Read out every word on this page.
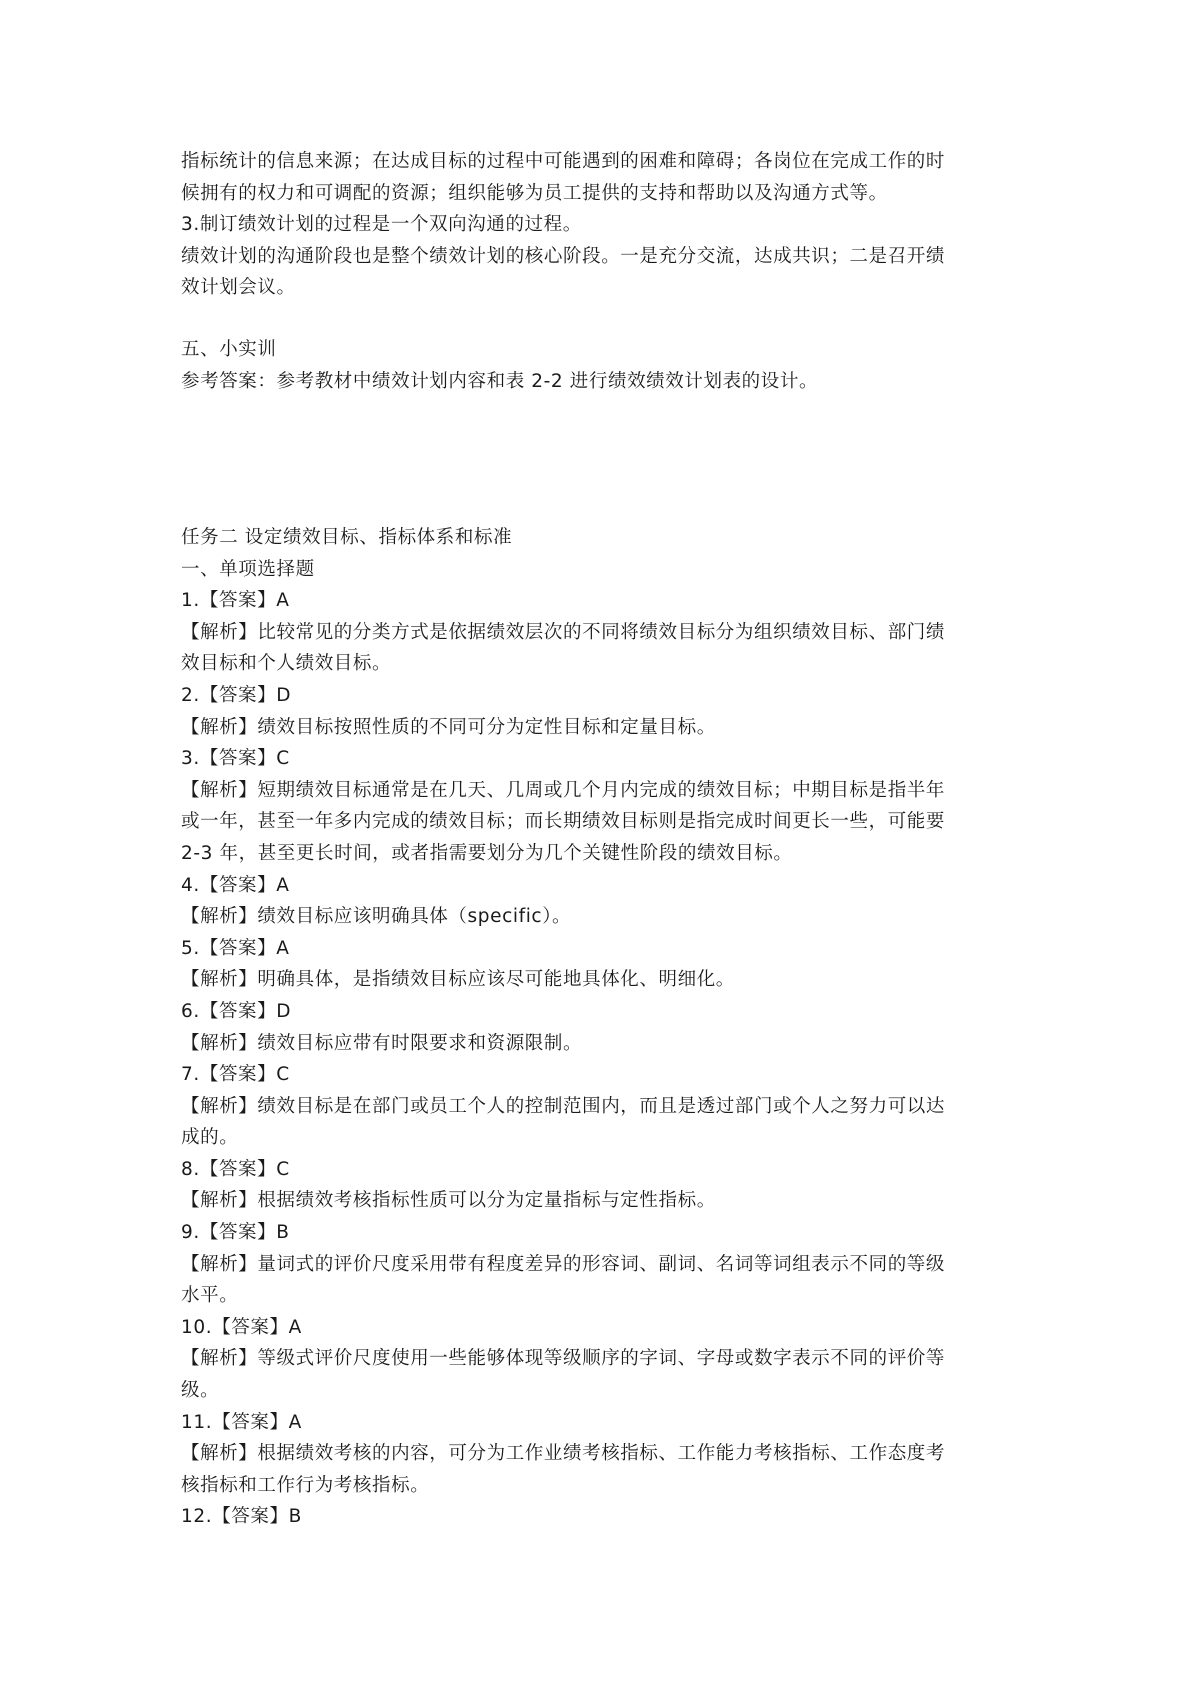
指标统计的信息来源；在达成目标的过程中可能遇到的困难和障碍；各岗位在完成工作的时
候拥有的权力和可调配的资源；组织能够为员工提供的支持和帮助以及沟通方式等。
3.制订绩效计划的过程是一个双向沟通的过程。
绩效计划的沟通阶段也是整个绩效计划的核心阶段。一是充分交流，达成共识；二是召开绩
效计划会议。
五、小实训
参考答案：参考教材中绩效计划内容和表 2-2 进行绩效绩效计划表的设计。
任务二 设定绩效目标、指标体系和标准
一、单项选择题
1.【答案】A
【解析】比较常见的分类方式是依据绩效层次的不同将绩效目标分为组织绩效目标、部门绩
效目标和个人绩效目标。
2.【答案】D
【解析】绩效目标按照性质的不同可分为定性目标和定量目标。
3.【答案】C
【解析】短期绩效目标通常是在几天、几周或几个月内完成的绩效目标；中期目标是指半年
或一年，甚至一年多内完成的绩效目标；而长期绩效目标则是指完成时间更长一些，可能要
2-3 年，甚至更长时间，或者指需要划分为几个关键性阶段的绩效目标。
4.【答案】A
【解析】绩效目标应该明确具体（specific）。
5.【答案】A
【解析】明确具体，是指绩效目标应该尽可能地具体化、明细化。
6.【答案】D
【解析】绩效目标应带有时限要求和资源限制。
7.【答案】C
【解析】绩效目标是在部门或员工个人的控制范围内，而且是透过部门或个人之努力可以达
成的。
8.【答案】C
【解析】根据绩效考核指标性质可以分为定量指标与定性指标。
9.【答案】B
【解析】量词式的评价尺度采用带有程度差异的形容词、副词、名词等词组表示不同的等级
水平。
10.【答案】A
【解析】等级式评价尺度使用一些能够体现等级顺序的字词、字母或数字表示不同的评价等
级。
11.【答案】A
【解析】根据绩效考核的内容，可分为工作业绩考核指标、工作能力考核指标、工作态度考
核指标和工作行为考核指标。
12.【答案】B
